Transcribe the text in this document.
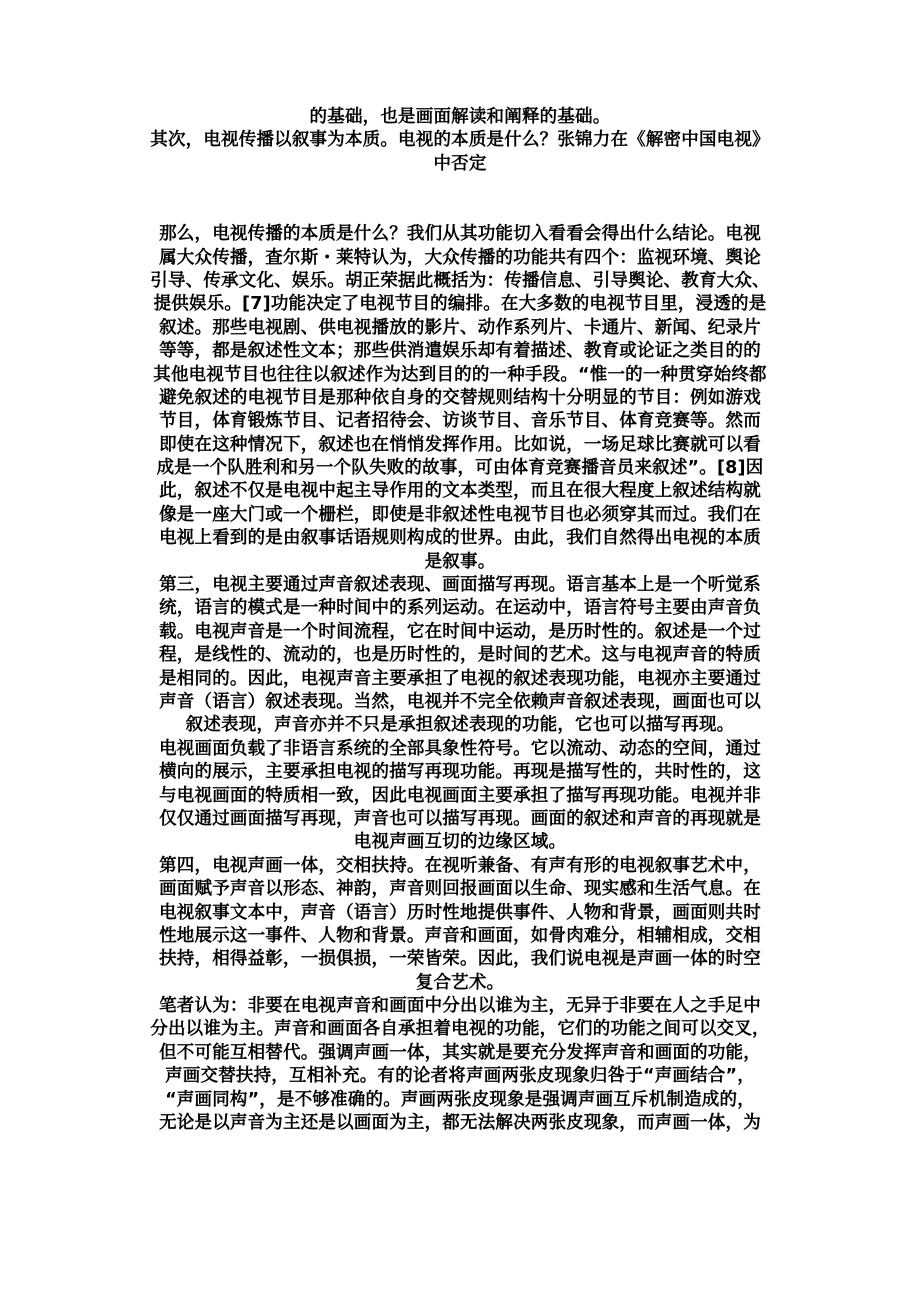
的基础，也是画面解读和阐释的基础。
其次，电视传播以叙事为本质。电视的本质是什么？张锦力在《解密中国电视》
中否定
那么，电视传播的本质是什么？我们从其功能切入看看会得出什么结论。电视
属大众传播，查尔斯・莱特认为，大众传播的功能共有四个：监视环境、舆论
引导、传承文化、娱乐。胡正荣据此概括为：传播信息、引导舆论、教育大众、
提供娱乐。[7]功能决定了电视节目的编排。在大多数的电视节目里，浸透的是
叙述。那些电视剧、供电视播放的影片、动作系列片、卡通片、新闻、纪录片
等等，都是叙述性文本；那些供消遣娱乐却有着描述、教育或论证之类目的的
其他电视节目也往往以叙述作为达到目的的一种手段。“惟一的一种贯穿始终都
避免叙述的电视节目是那种依自身的交替规则结构十分明显的节目：例如游戏
节目，体育锻炼节目、记者招待会、访谈节目、音乐节目、体育竞赛等。然而
即使在这种情况下，叙述也在悄悄发挥作用。比如说，一场足球比赛就可以看
成是一个队胜利和另一个队失败的故事，可由体育竞赛播音员来叙述”。[8]因
此，叙述不仅是电视中起主导作用的文本类型，而且在很大程度上叙述结构就
像是一座大门或一个栅栏，即使是非叙述性电视节目也必须穿其而过。我们在
电视上看到的是由叙事话语规则构成的世界。由此，我们自然得出电视的本质
是叙事。
第三，电视主要通过声音叙述表现、画面描写再现。语言基本上是一个听觉系
统，语言的模式是一种时间中的系列运动。在运动中，语言符号主要由声音负
载。电视声音是一个时间流程，它在时间中运动，是历时性的。叙述是一个过
程，是线性的、流动的，也是历时性的，是时间的艺术。这与电视声音的特质
是相同的。因此，电视声音主要承担了电视的叙述表现功能，电视亦主要通过
声音（语言）叙述表现。当然，电视并不完全依赖声音叙述表现，画面也可以
叙述表现，声音亦并不只是承担叙述表现的功能，它也可以描写再现。
电视画面负载了非语言系统的全部具象性符号。它以流动、动态的空间，通过
横向的展示，主要承担电视的描写再现功能。再现是描写性的，共时性的，这
与电视画面的特质相一致，因此电视画面主要承担了描写再现功能。电视并非
仅仅通过画面描写再现，声音也可以描写再现。画面的叙述和声音的再现就是
电视声画互切的边缘区域。
第四，电视声画一体，交相扶持。在视听兼备、有声有形的电视叙事艺术中，
画面赋予声音以形态、神韵，声音则回报画面以生命、现实感和生活气息。在
电视叙事文本中，声音（语言）历时性地提供事件、人物和背景，画面则共时
性地展示这一事件、人物和背景。声音和画面，如骨肉难分，相辅相成，交相
扶持，相得益彰，一损俱损，一荣皆荣。因此，我们说电视是声画一体的时空
复合艺术。
笔者认为：非要在电视声音和画面中分出以谁为主，无异于非要在人之手足中
分出以谁为主。声音和画面各自承担着电视的功能，它们的功能之间可以交叉，
但不可能互相替代。强调声画一体，其实就是要充分发挥声音和画面的功能，
声画交替扶持，互相补充。有的论者将声画两张皮现象归咎于“声画结合”，
“声画同构”，是不够准确的。声画两张皮现象是强调声画互斥机制造成的，
无论是以声音为主还是以画面为主，都无法解决两张皮现象，而声画一体，为
